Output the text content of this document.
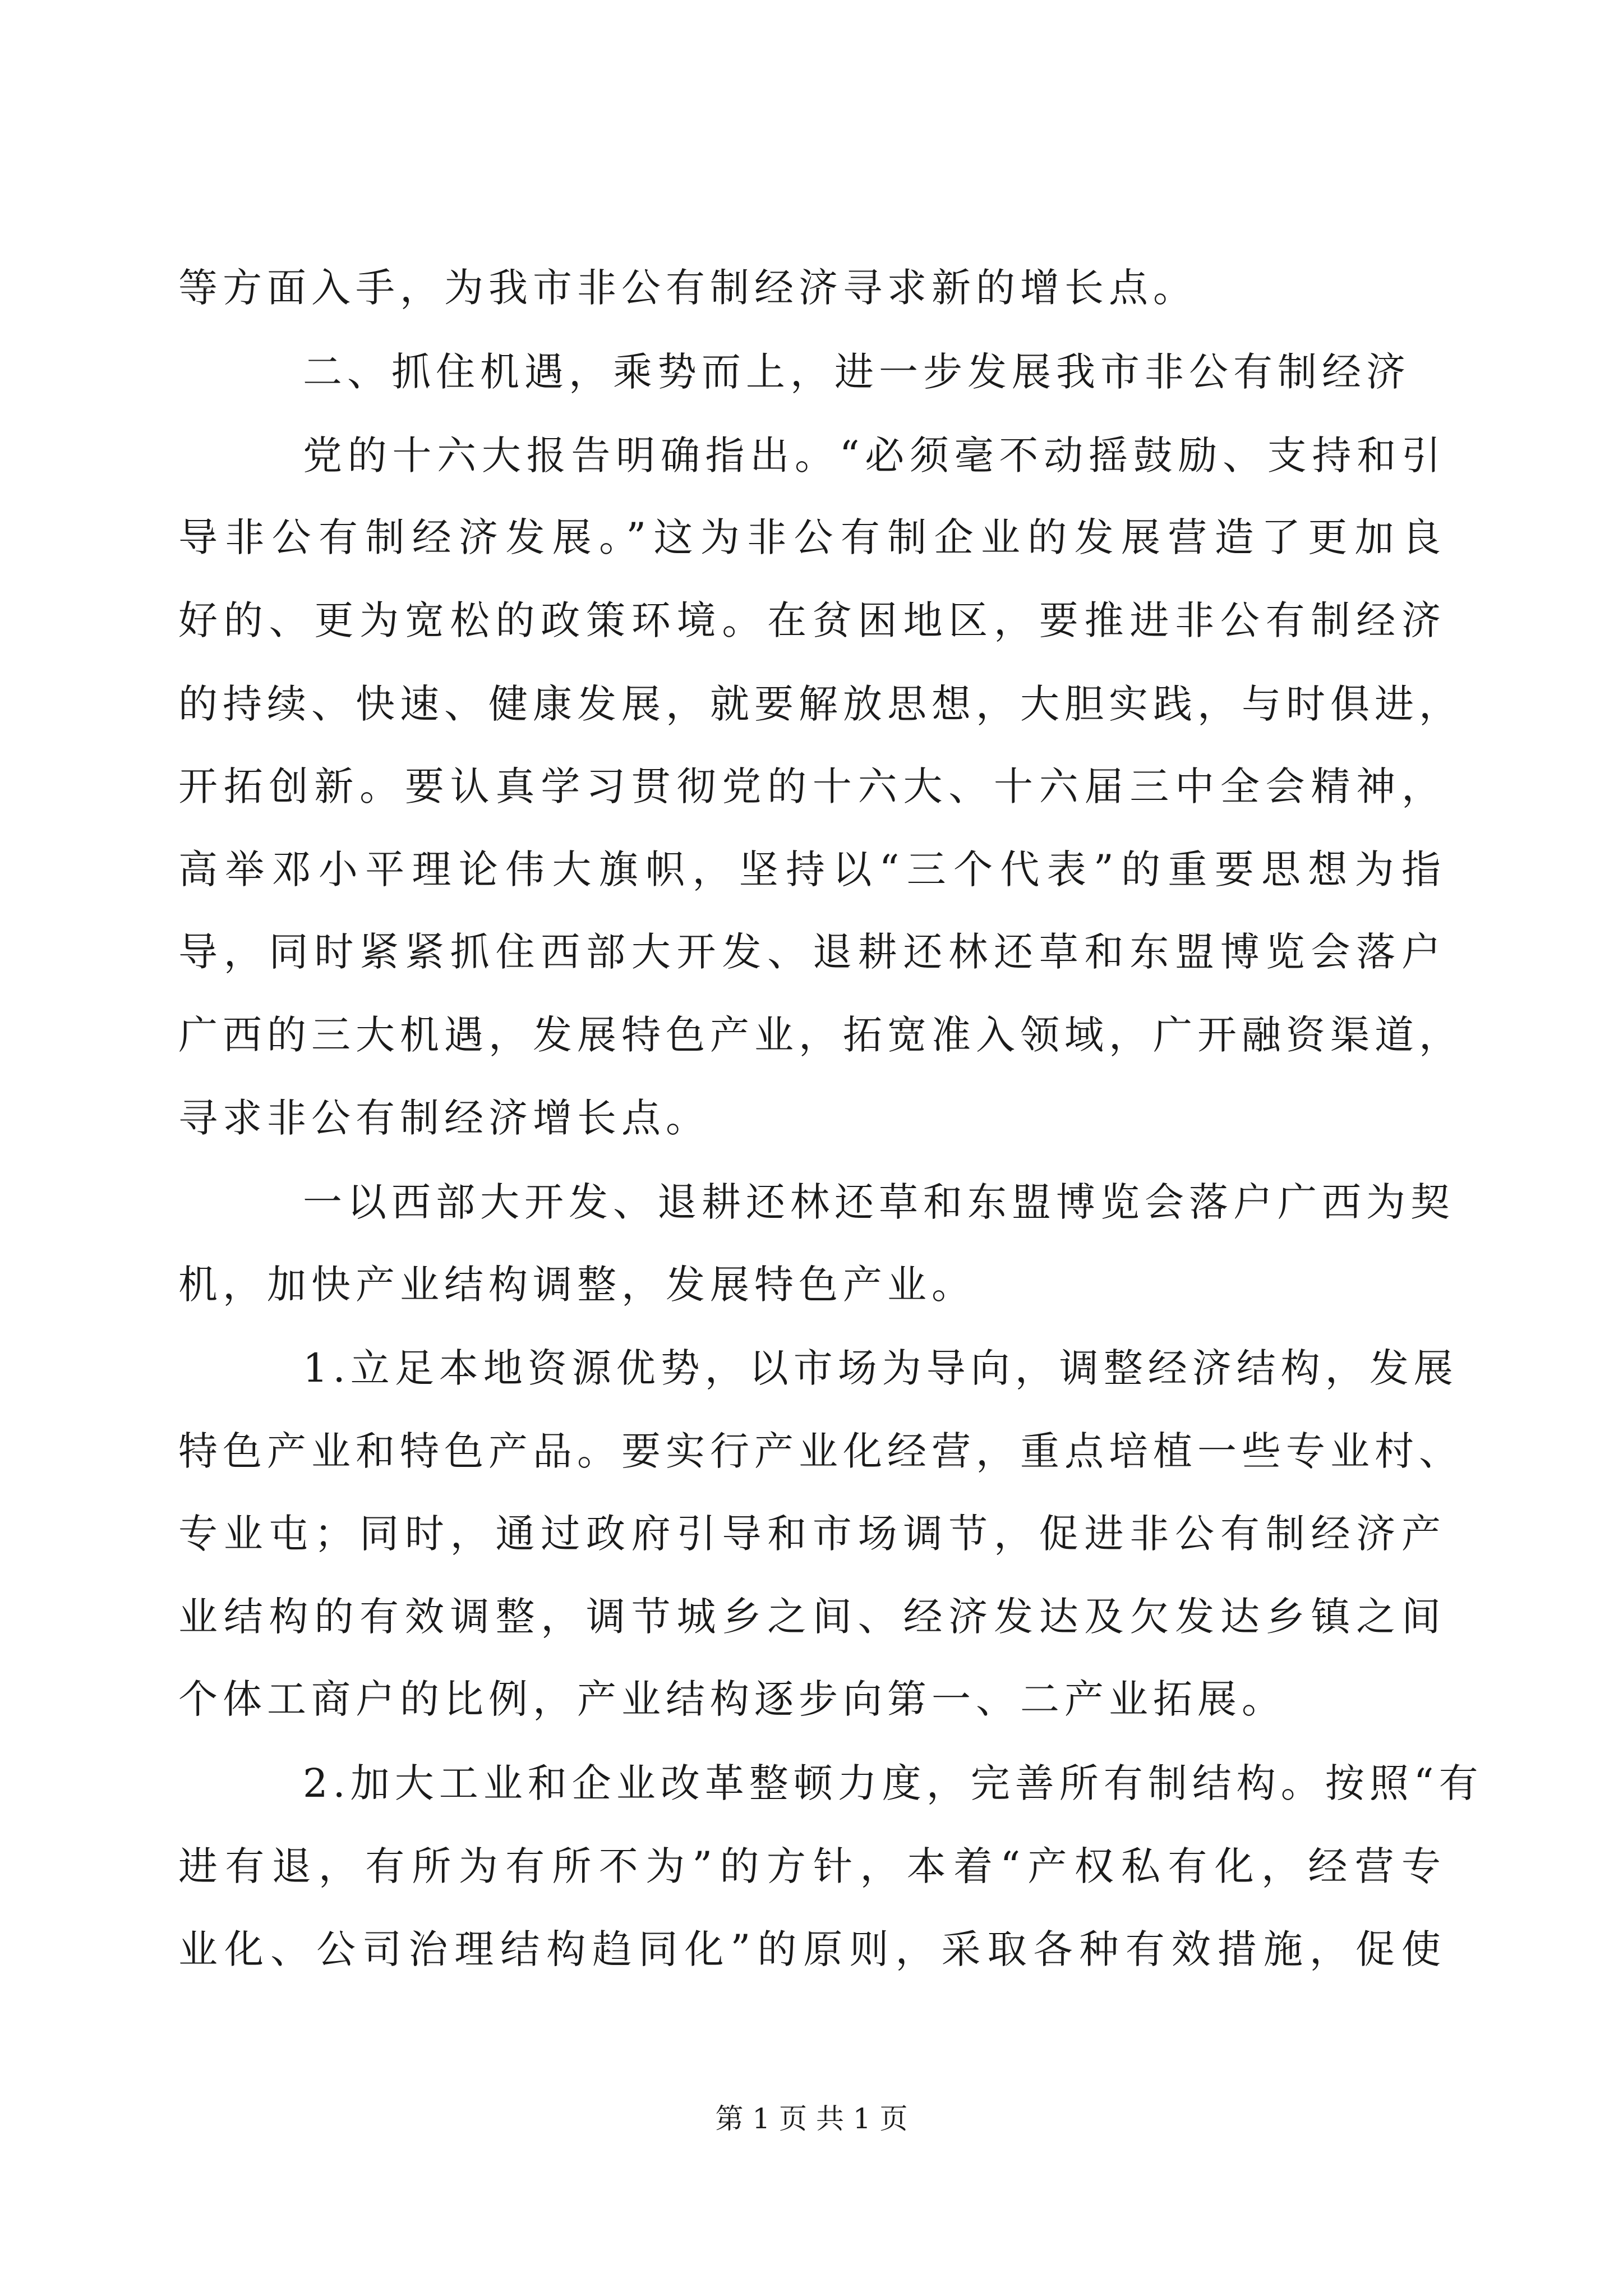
等方面入手，为我市非公有制经济寻求新的增长点。
二、抓住机遇，乘势而上，进一步发展我市非公有制经济
党的十六大报告明确指出。“必须毫不动摇鼓励、支持和引
导非公有制经济发展。”这为非公有制企业的发展营造了更加良
好的、更为宽松的政策环境。在贫困地区，要推进非公有制经济
的持续、快速、健康发展，就要解放思想，大胆实践，与时俱进，
开拓创新。要认真学习贯彻党的十六大、十六届三中全会精神，
高举邓小平理论伟大旗帜，坚持以“三个代表”的重要思想为指
导，同时紧紧抓住西部大开发、退耕还林还草和东盟博览会落户
广西的三大机遇，发展特色产业，拓宽准入领域，广开融资渠道，
寻求非公有制经济增长点。
一以西部大开发、退耕还林还草和东盟博览会落户广西为契
机，加快产业结构调整，发展特色产业。
1.立足本地资源优势，以市场为导向，调整经济结构，发展
特色产业和特色产品。要实行产业化经营，重点培植一些专业村、
专业屯；同时，通过政府引导和市场调节，促进非公有制经济产
业结构的有效调整，调节城乡之间、经济发达及欠发达乡镇之间
个体工商户的比例，产业结构逐步向第一、二产业拓展。
2.加大工业和企业改革整顿力度，完善所有制结构。按照“有
进有退，有所为有所不为”的方针，本着“产权私有化，经营专
业化、公司治理结构趋同化”的原则，采取各种有效措施，促使
第 1 页 共 1 页
